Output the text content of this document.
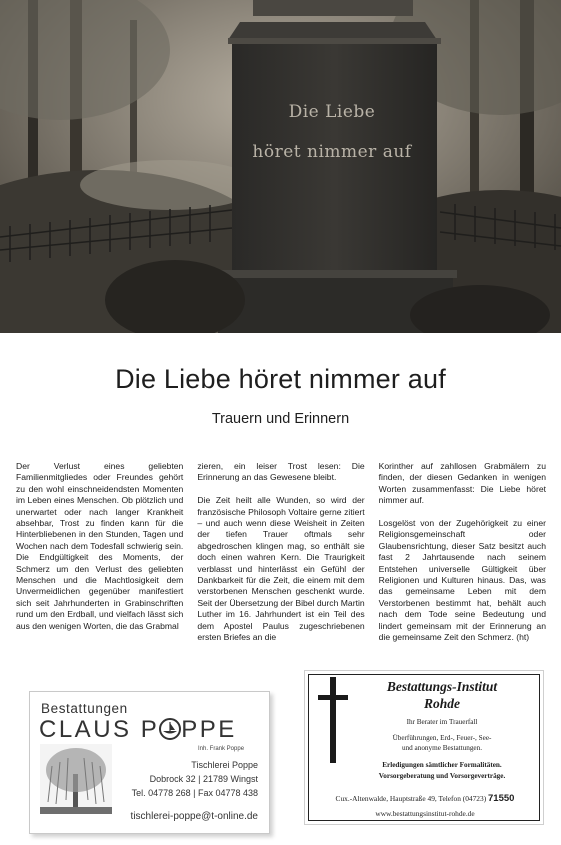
Die Liebe
höret nimmer auf
Die Liebe höret nimmer auf
Trauern und Erinnern

Der Verlust eines geliebten Familienmitgliedes oder Freundes gehört zu den wohl einschneidendsten Momenten im Leben eines Menschen. Ob plötzlich und unerwartet oder nach langer Krankheit absehbar, Trost zu finden kann für die Hinterbliebenen in den Stunden, Tagen und Wochen nach dem Todesfall schwierig sein. Die Endgültigkeit des Moments, der Schmerz um den Verlust des geliebten Menschen und die Machtlosigkeit dem Unvermeidlichen gegenüber manifestiert sich seit Jahrhunderten in Grabinschriften rund um den Erdball, und vielfach lässt sich aus den wenigen Worten, die das Grabmal

zieren, ein leiser Trost lesen: Die Erinnerung an das Gewesene bleibt.

Die Zeit heilt alle Wunden, so wird der französische Philosoph Voltaire gerne zitiert – und auch wenn diese Weisheit in Zeiten der tiefen Trauer oftmals sehr abgedroschen klingen mag, so enthält sie doch einen wahren Kern. Die Traurigkeit verblasst und hinterlässt ein Gefühl der Dankbarkeit für die Zeit, die einem mit dem verstorbenen Menschen geschenkt wurde. Seit der Übersetzung der Bibel durch Martin Luther im 16. Jahrhundert ist ein Teil des dem Apostel Paulus zugeschriebenen ersten Briefes an die

Korinther auf zahllosen Grabmälern zu finden, der diesen Gedanken in wenigen Worten zusammenfasst: Die Liebe höret nimmer auf.

Losgelöst von der Zugehörigkeit zu einer Religionsgemeinschaft oder Glaubensrichtung, dieser Satz besitzt auch fast 2 Jahrtausende nach seinem Entstehen universelle Gültigkeit über Religionen und Kulturen hinaus. Das, was das gemeinsame Leben mit dem Verstorbenen bestimmt hat, behält auch nach dem Tode seine Bedeutung und lindert gemeinsam mit der Erinnerung an die gemeinsame Zeit den Schmerz. (ht)

Bestattungen
CLAUS P PPE
Inh. Frank Poppe
Tischlerei Poppe
Dobrock 32 | 21789 Wingst
Tel. 04778 268 | Fax 04778 438
tischlerei-poppe@t-online.de
Bestattungs-Institut
Rohde
Ihr Berater im Trauerfall
Überführungen, Erd-, Feuer-, See-
und anonyme Bestattungen.
Erledigungen sämtlicher Formalitäten.
Vorsorgeberatung und Vorsorgeverträge.
Cux.-Altenwalde, Hauptstraße 49, Telefon (04723) 71550
www.bestattungsinstitut-rohde.de
